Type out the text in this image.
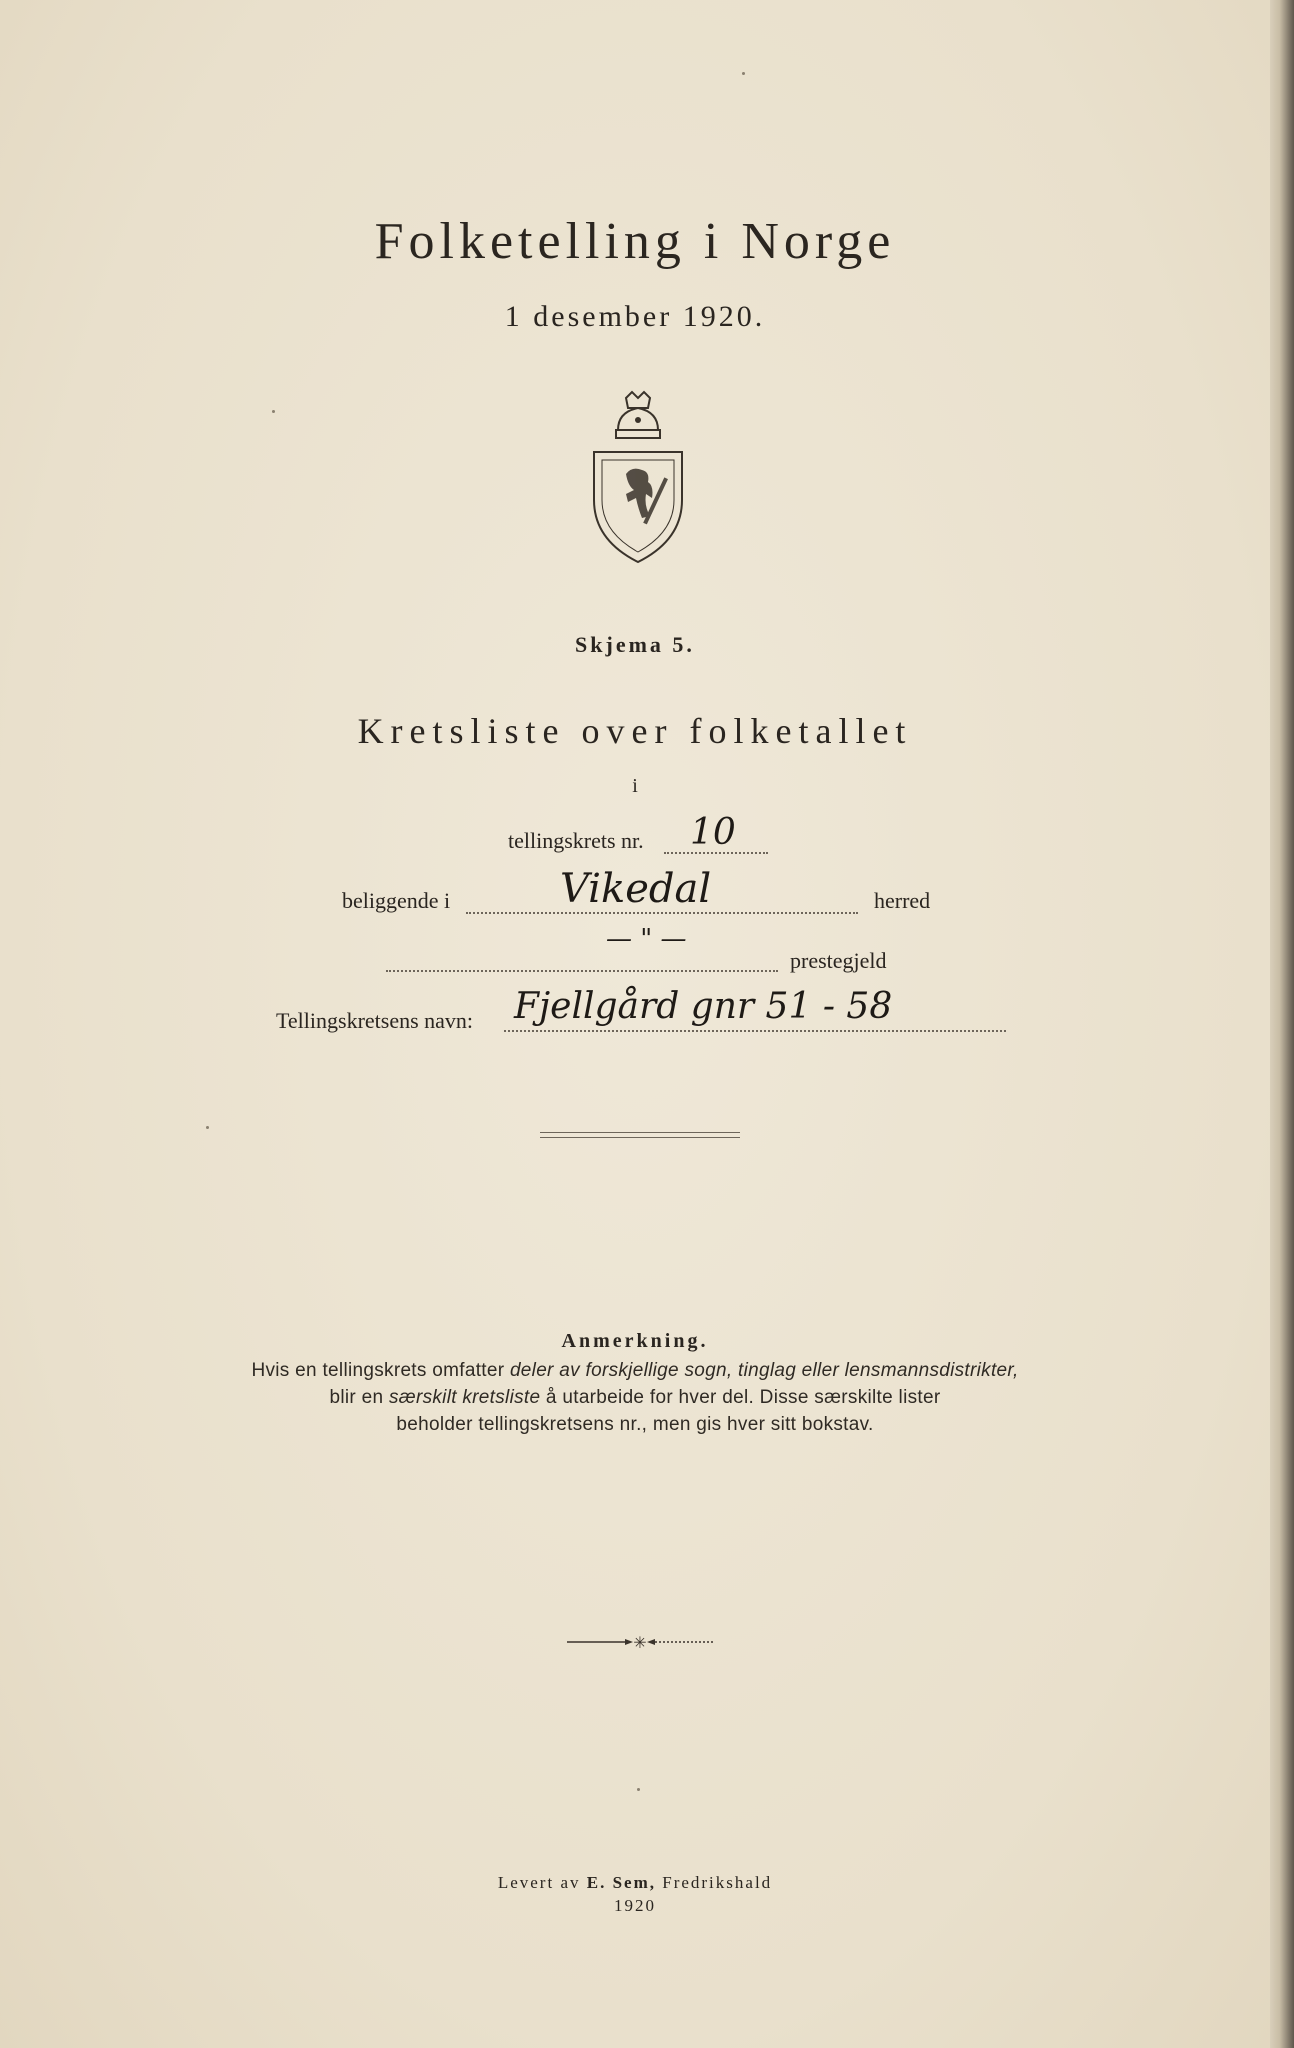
Folketelling i Norge
1 desember 1920.
Skjema 5.
Kretsliste over folketallet
i
tellingskrets nr. 10
beliggende i	Vikedal	herred
— " —
prestegjeld
Tellingskretsens navn: Fjellgård gnr 51 - 58
Anmerkning.
Hvis en tellingskrets omfatter deler av forskjellige sogn, tinglag eller lensmannsdistrikter,
blir en særskilt kretsliste å utarbeide for hver del. Disse særskilte lister
beholder tellingskretsens nr., men gis hver sitt bokstav.
✳
Levert av E. Sem, Fredrikshald
1920
